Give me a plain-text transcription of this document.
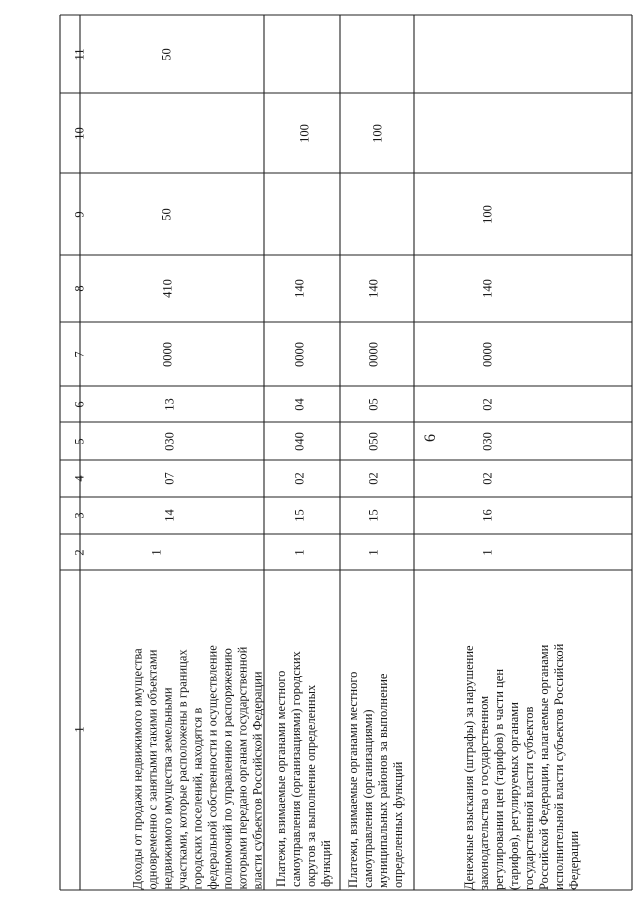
6
1
2
3
4
5
6
7
8
9
10
11
Доходы от продажи недвижимого имущества одновременно с занятыми такими объектами недвижимого имущества земельными участками, которые расположены в границах городских поселений, находятся в федеральной собственности и осуществление полномочий по управлению и распоряжению которыми передано органам государственной власти субъектов Российской Федерации
1
14
07
030
13
0000
410
50
50
Платежи, взимаемые органами местного самоуправления (организациями) городских округов за выполнение определенных функций
1
15
02
040
04
0000
140
100
Платежи, взимаемые органами местного самоуправления (организациями) муниципальных районов за выполнение определенных функций
1
15
02
050
05
0000
140
100
Денежные взыскания (штрафы) за нарушение законодательства о государственном регулировании цен (тарифов) в части цен (тарифов), регулируемых органами государственной власти субъектов Российской Федерации, налагаемые органами исполнительной власти субъектов Российской Федерации
1
16
02
030
02
0000
140
100
